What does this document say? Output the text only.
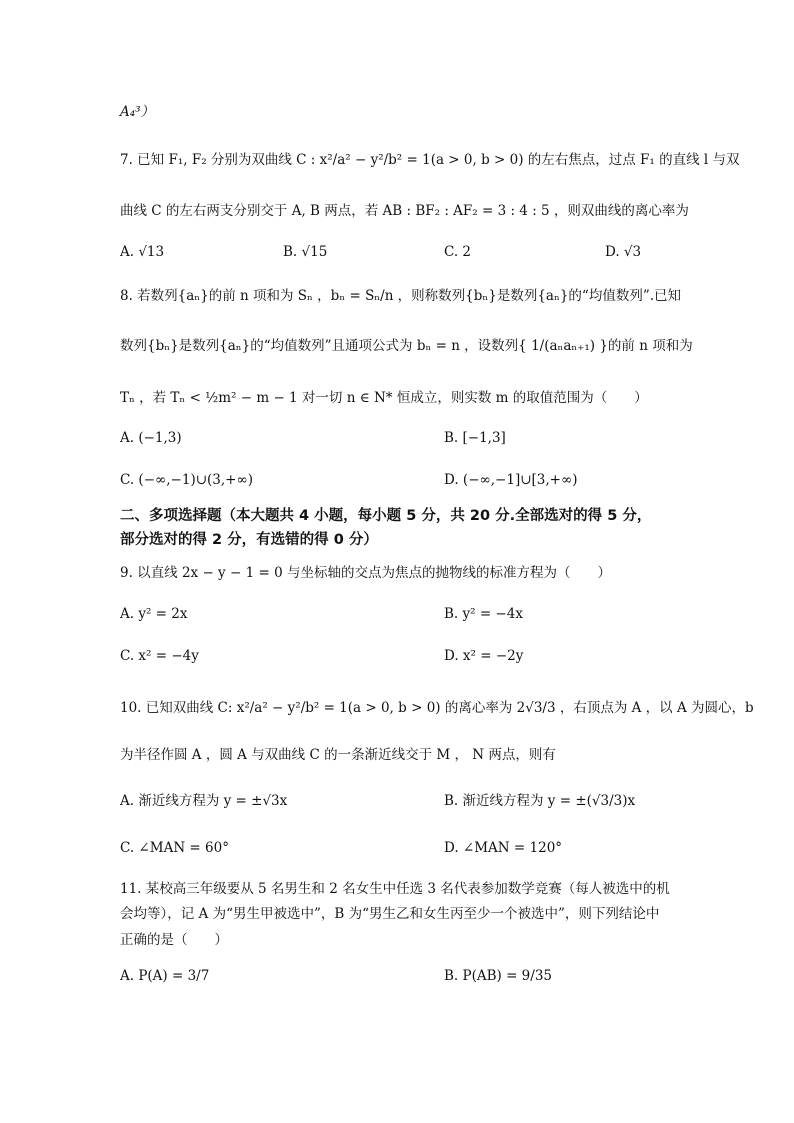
A₄³）
7. 已知 F₁, F₂ 分别为双曲线 C : x²/a² − y²/b² = 1(a > 0, b > 0) 的左右焦点，过点 F₁ 的直线 l 与双
曲线 C 的左右两支分别交于 A, B 两点，若 AB : BF₂ : AF₂ = 3 : 4 : 5 ，则双曲线的离心率为
A. √13	B. √15	C. 2	D. √3
8. 若数列{aₙ}的前 n 项和为 Sₙ ，bₙ = Sₙ/n ，则称数列{bₙ}是数列{aₙ}的“均值数列”.已知
数列{bₙ}是数列{aₙ}的“均值数列”且通项公式为 bₙ = n ，设数列{ 1/(aₙaₙ₊₁) }的前 n 项和为
Tₙ ，若 Tₙ < ½m² − m − 1 对一切 n ∈ N* 恒成立，则实数 m 的取值范围为（　　）
A. (−1,3)	B. [−1,3]
C. (−∞,−1)∪(3,+∞)	D. (−∞,−1]∪[3,+∞)
二、多项选择题（本大题共 4 小题，每小题 5 分，共 20 分.全部选对的得 5 分，
部分选对的得 2 分，有选错的得 0 分）
9. 以直线 2x − y − 1 = 0 与坐标轴的交点为焦点的抛物线的标准方程为（　　）
A. y² = 2x	B. y² = −4x
C. x² = −4y	D. x² = −2y
10. 已知双曲线 C: x²/a² − y²/b² = 1(a > 0, b > 0) 的离心率为 2√3/3 ，右顶点为 A ，以 A 为圆心，b
为半径作圆 A ，圆 A 与双曲线 C 的一条渐近线交于 M ， N 两点，则有
A. 渐近线方程为 y = ±√3x	B. 渐近线方程为 y = ±(√3/3)x
C. ∠MAN = 60°	D. ∠MAN = 120°
11. 某校高三年级要从 5 名男生和 2 名女生中任选 3 名代表参加数学竞赛（每人被选中的机
会均等），记 A 为“男生甲被选中”，B 为“男生乙和女生丙至少一个被选中”，则下列结论中
正确的是（　　）
A. P(A) = 3/7	B. P(AB) = 9/35
